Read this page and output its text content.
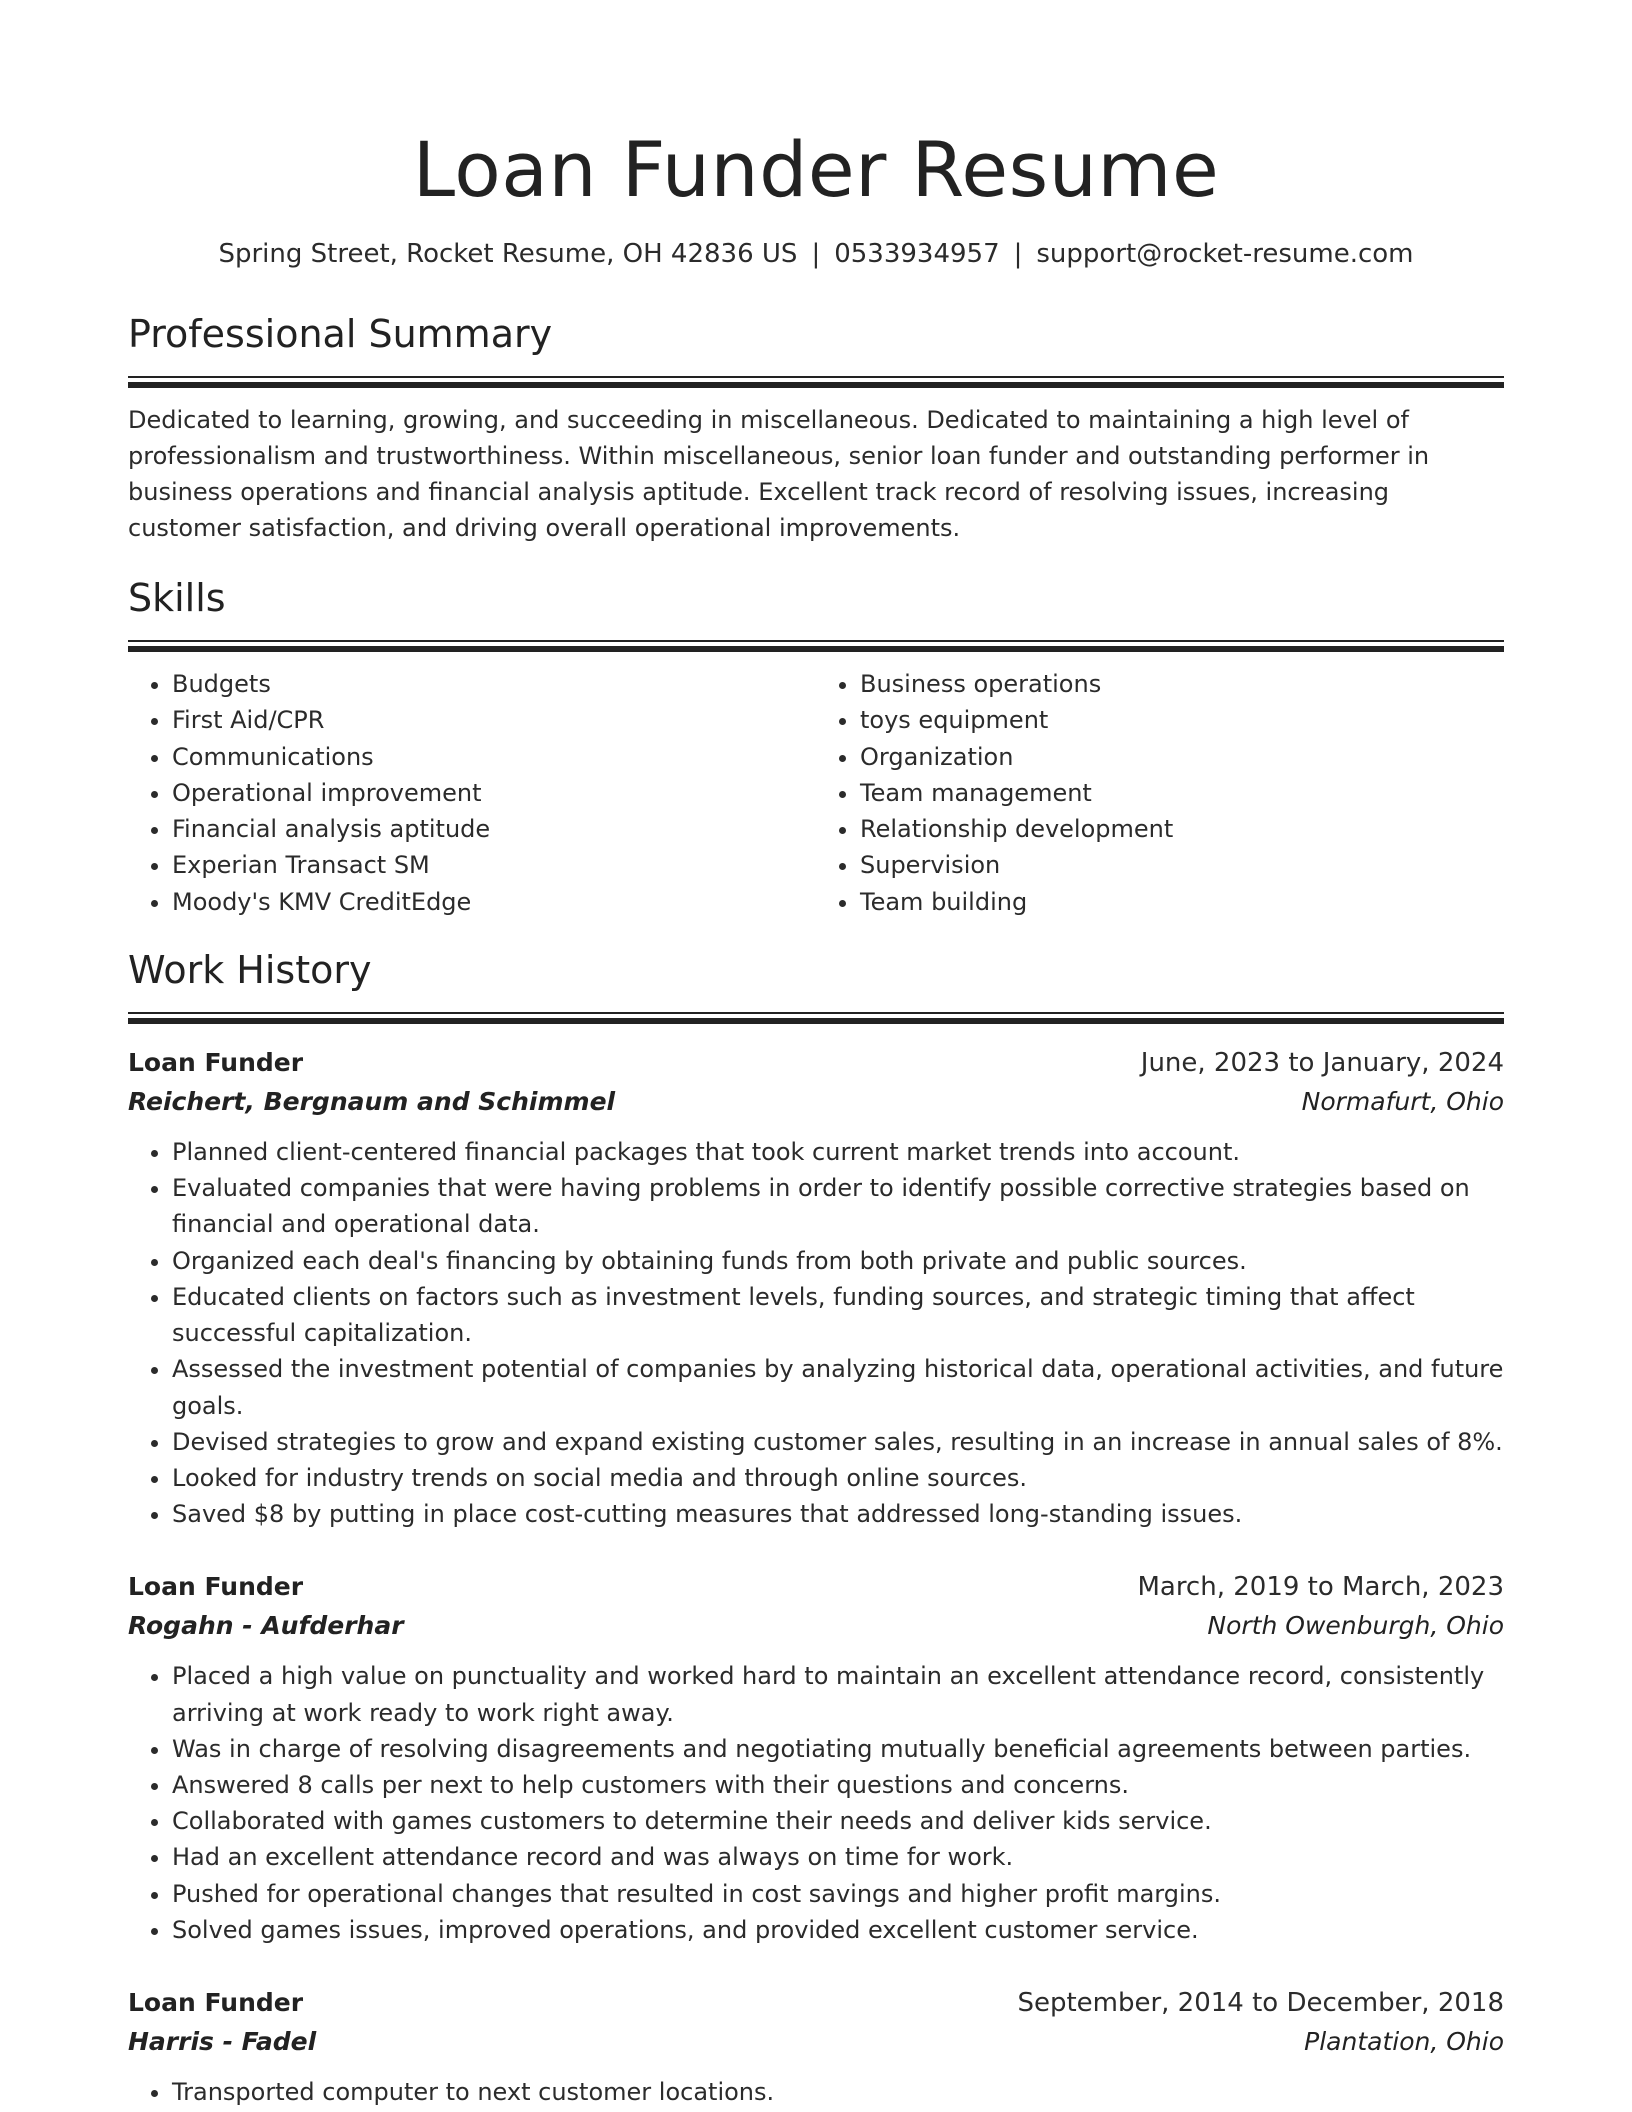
Loan Funder Resume
Spring Street, Rocket Resume, OH 42836 US | 0533934957 | support@rocket-resume.com
Professional Summary

Dedicated to learning, growing, and succeeding in miscellaneous. Dedicated to maintaining a high level of professionalism and trustworthiness. Within miscellaneous, senior loan funder and outstanding performer in business operations and financial analysis aptitude. Excellent track record of resolving issues, increasing customer satisfaction, and driving overall operational improvements.

Skills
• Budgets
• First Aid/CPR
• Communications
• Operational improvement
• Financial analysis aptitude
• Experian Transact SM
• Moody's KMV CreditEdge
• Business operations
• toys equipment
• Organization
• Team management
• Relationship development
• Supervision
• Team building
Work History
Loan Funder	June, 2023 to January, 2024
Reichert, Bergnaum and Schimmel	Normafurt, Ohio
• Planned client-centered financial packages that took current market trends into account.
• Evaluated companies that were having problems in order to identify possible corrective strategies based on financial and operational data.
• Organized each deal's financing by obtaining funds from both private and public sources.
• Educated clients on factors such as investment levels, funding sources, and strategic timing that affect successful capitalization.
• Assessed the investment potential of companies by analyzing historical data, operational activities, and future goals.
• Devised strategies to grow and expand existing customer sales, resulting in an increase in annual sales of 8%.
• Looked for industry trends on social media and through online sources.
• Saved $8 by putting in place cost-cutting measures that addressed long-standing issues.
Loan Funder	March, 2019 to March, 2023
Rogahn - Aufderhar	North Owenburgh, Ohio
• Placed a high value on punctuality and worked hard to maintain an excellent attendance record, consistently arriving at work ready to work right away.
• Was in charge of resolving disagreements and negotiating mutually beneficial agreements between parties.
• Answered 8 calls per next to help customers with their questions and concerns.
• Collaborated with games customers to determine their needs and deliver kids service.
• Had an excellent attendance record and was always on time for work.
• Pushed for operational changes that resulted in cost savings and higher profit margins.
• Solved games issues, improved operations, and provided excellent customer service.
Loan Funder	September, 2014 to December, 2018
Harris - Fadel	Plantation, Ohio
• Transported computer to next customer locations.
